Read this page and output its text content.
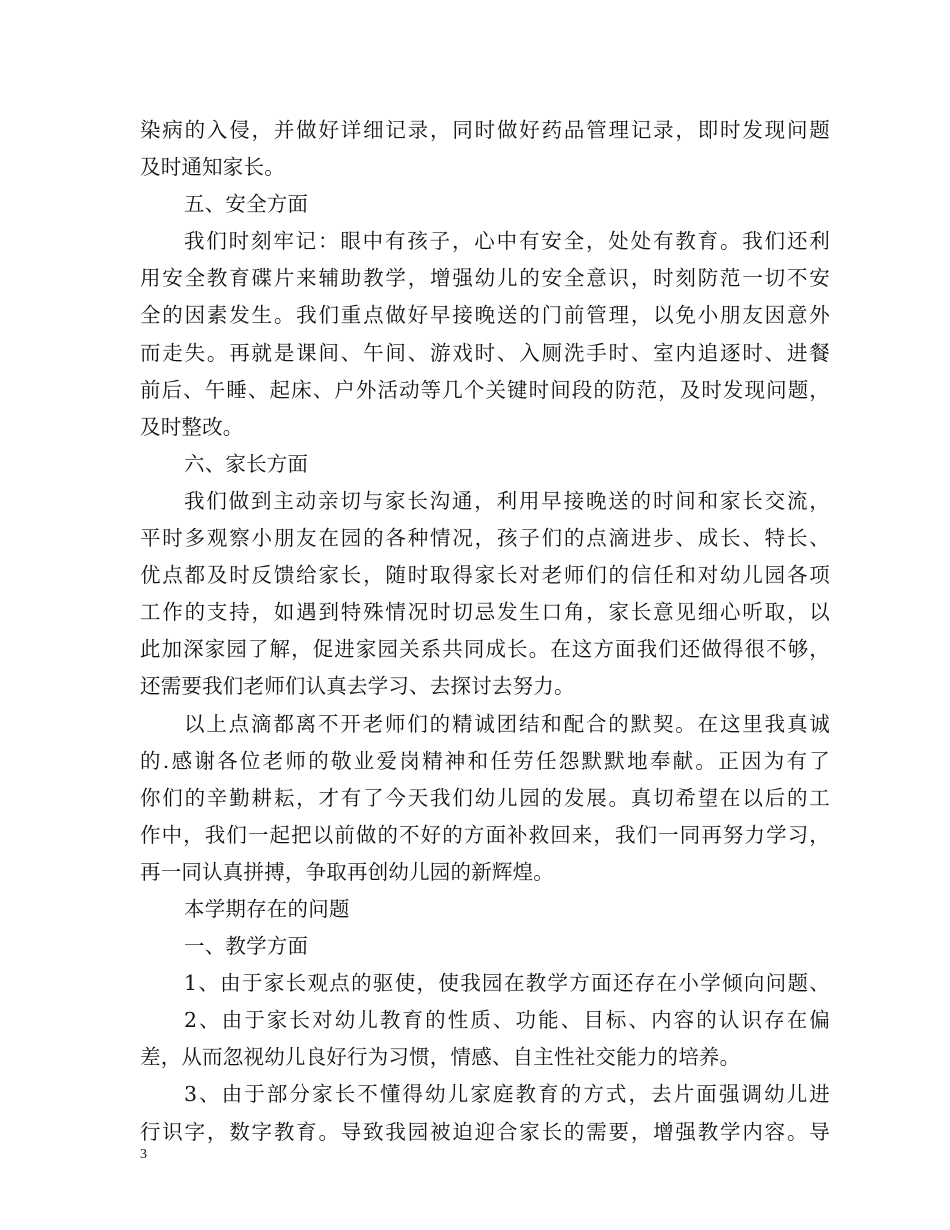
染病的入侵，并做好详细记录，同时做好药品管理记录，即时发现问题
及时通知家长。
五、安全方面
我们时刻牢记：眼中有孩子，心中有安全，处处有教育。我们还利
用安全教育碟片来辅助教学，增强幼儿的安全意识，时刻防范一切不安
全的因素发生。我们重点做好早接晚送的门前管理，以免小朋友因意外
而走失。再就是课间、午间、游戏时、入厕洗手时、室内追逐时、进餐
前后、午睡、起床、户外活动等几个关键时间段的防范，及时发现问题，
及时整改。
六、家长方面
我们做到主动亲切与家长沟通，利用早接晚送的时间和家长交流，
平时多观察小朋友在园的各种情况，孩子们的点滴进步、成长、特长、
优点都及时反馈给家长，随时取得家长对老师们的信任和对幼儿园各项
工作的支持，如遇到特殊情况时切忌发生口角，家长意见细心听取，以
此加深家园了解，促进家园关系共同成长。在这方面我们还做得很不够，
还需要我们老师们认真去学习、去探讨去努力。
以上点滴都离不开老师们的精诚团结和配合的默契。在这里我真诚
的.感谢各位老师的敬业爱岗精神和任劳任怨默默地奉献。正因为有了
你们的辛勤耕耘，才有了今天我们幼儿园的发展。真切希望在以后的工
作中，我们一起把以前做的不好的方面补救回来，我们一同再努力学习，
再一同认真拼搏，争取再创幼儿园的新辉煌。
本学期存在的问题
一、教学方面
1、由于家长观点的驱使，使我园在教学方面还存在小学倾向问题、
2、由于家长对幼儿教育的性质、功能、目标、内容的认识存在偏
差，从而忽视幼儿良好行为习惯，情感、自主性社交能力的培养。
3、由于部分家长不懂得幼儿家庭教育的方式，去片面强调幼儿进
行识字，数字教育。导致我园被迫迎合家长的需要，增强教学内容。导
3
